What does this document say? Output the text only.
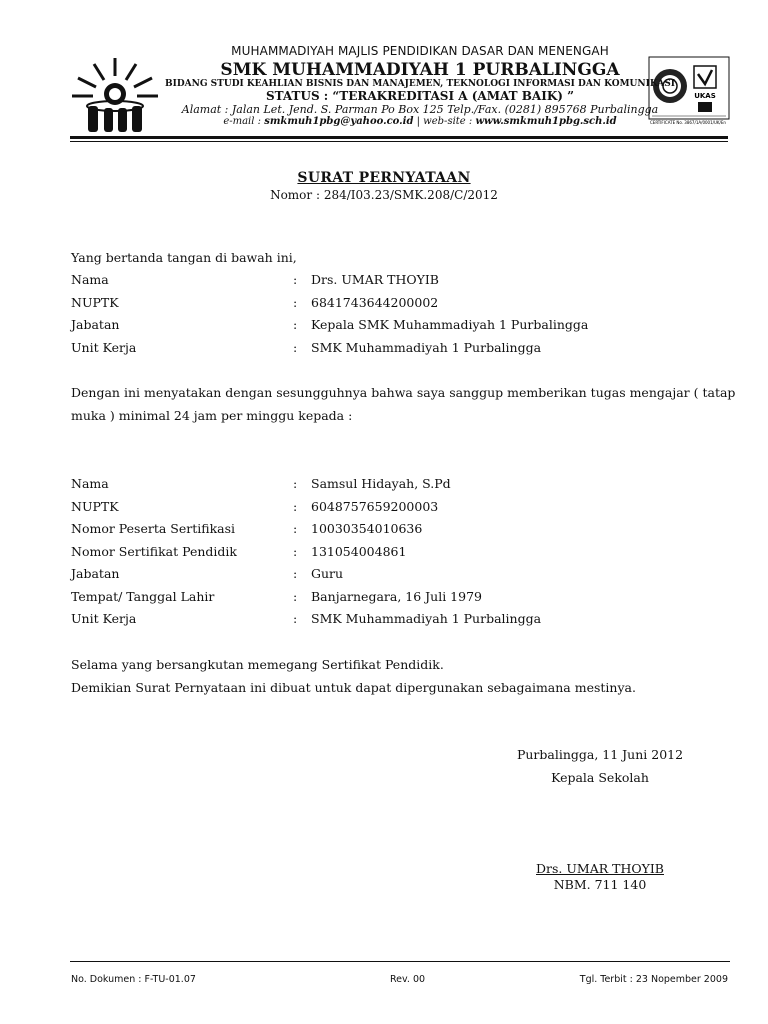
UKAS
CERTIFICATE No. 3867/1A/0001/UK/En
MUHAMMADIYAH MAJLIS PENDIDIKAN DASAR DAN MENENGAH
SMK MUHAMMADIYAH 1 PURBALINGGA
BIDANG STUDI KEAHLIAN BISNIS DAN MANAJEMEN, TEKNOLOGI INFORMASI DAN KOMUNIKASI
STATUS : “TERAKREDITASI A (AMAT BAIK) ”
Alamat : Jalan Let. Jend. S. Parman Po Box 125 Telp./Fax. (0281) 895768 Purbalingga
e-mail : smkmuh1pbg@yahoo.co.id | web-site : www.smkmuh1pbg.sch.id
SURAT PERNYATAAN
Nomor : 284/I03.23/SMK.208/C/2012
Yang bertanda tangan di bawah ini,
Nama	: Drs. UMAR THOYIB
NUPTK	: 6841743644200002
Jabatan	: Kepala SMK Muhammadiyah 1 Purbalingga
Unit Kerja	: SMK Muhammadiyah 1 Purbalingga
Dengan ini menyatakan dengan sesungguhnya bahwa saya sanggup memberikan tugas mengajar ( tatap
muka ) minimal 24 jam per minggu kepada :
Nama	: Samsul Hidayah, S.Pd
NUPTK	: 6048757659200003
Nomor Peserta Sertifikasi	: 10030354010636
Nomor Sertifikat Pendidik	: 131054004861
Jabatan	: Guru
Tempat/ Tanggal Lahir	: Banjarnegara, 16 Juli 1979
Unit Kerja	: SMK Muhammadiyah 1 Purbalingga
Selama yang bersangkutan memegang Sertifikat Pendidik.
Demikian Surat Pernyataan ini dibuat untuk dapat dipergunakan sebagaimana mestinya.
Purbalingga, 11 Juni 2012
Kepala Sekolah
Drs. UMAR THOYIB
NBM. 711 140
No. Dokumen : F-TU-01.07	Rev. 00	Tgl. Terbit : 23 Nopember 2009
